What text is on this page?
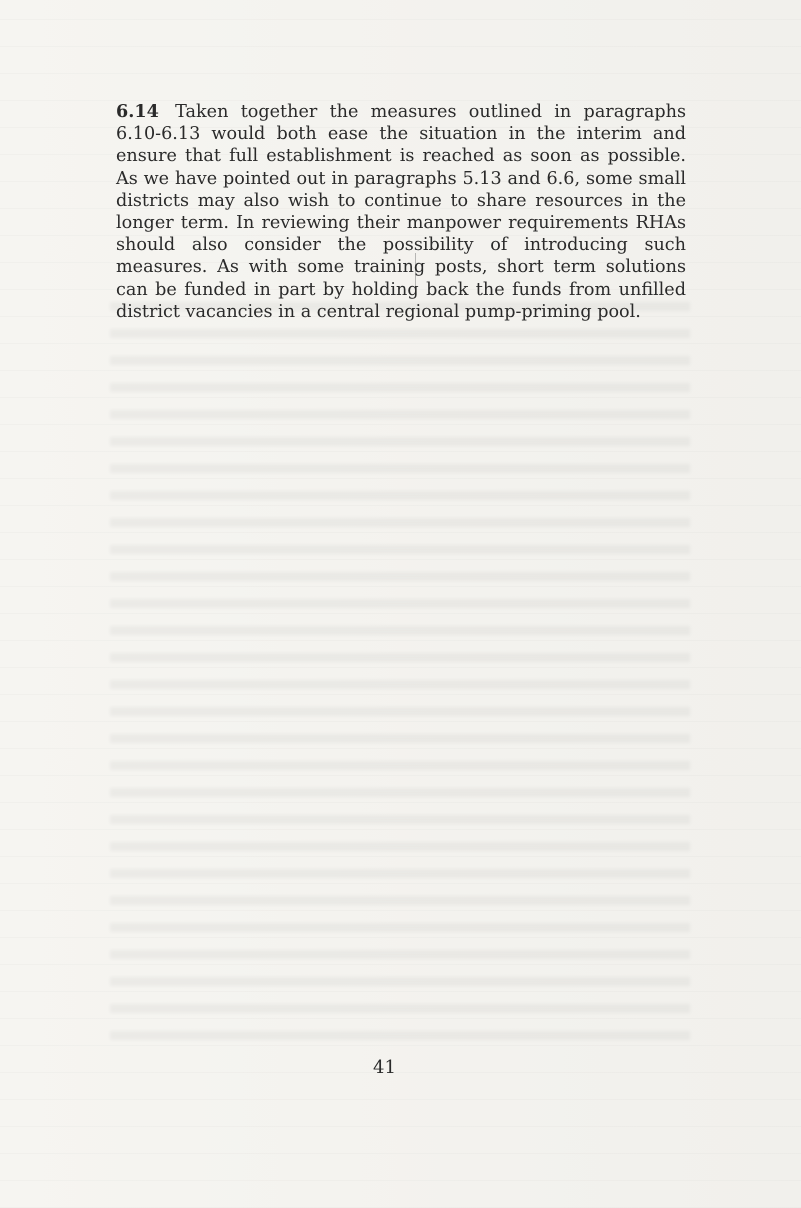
6.14 Taken together the measures outlined in paragraphs 6.10-6.13 would both ease the situation in the interim and ensure that full establishment is reached as soon as possible. As we have pointed out in paragraphs 5.13 and 6.6, some small districts may also wish to continue to share resources in the longer term. In reviewing their manpower requirements RHAs should also consider the possibility of introducing such measures. As with some training posts, short term solutions can be funded in part by holding back the funds from unfilled district vacancies in a central regional pump-priming pool.

41
